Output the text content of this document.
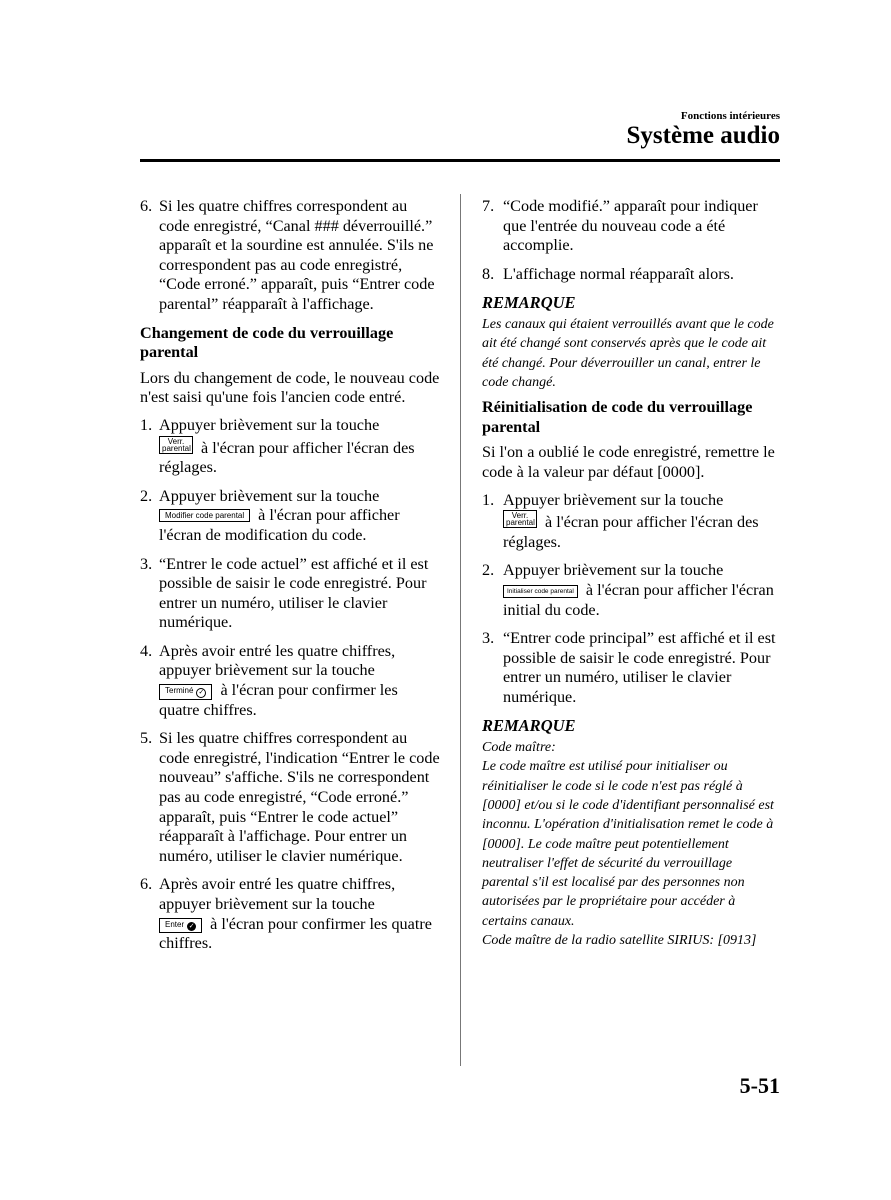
Fonctions intérieures
Système audio
6. Si les quatre chiffres correspondent au code enregistré, “Canal ### déverrouillé.” apparaît et la sourdine est annulée. S'ils ne correspondent pas au code enregistré, “Code erroné.” apparaît, puis “Entrer code parental” réapparaît à l'affichage.

Changement de code du verrouillage parental

Lors du changement de code, le nouveau code n'est saisi qu'une fois l'ancien code entré.

1. Appuyer brièvement sur la touche
Verr.
parental à l'écran pour afficher l'écran des réglages.
2. Appuyer brièvement sur la touche
Modifier code parental à l'écran pour afficher l'écran de modification du code.
3. “Entrer le code actuel” est affiché et il est possible de saisir le code enregistré. Pour entrer un numéro, utiliser le clavier numérique.
4. Après avoir entré les quatre chiffres, appuyer brièvement sur la touche
Terminé ✓ à l'écran pour confirmer les quatre chiffres.
5. Si les quatre chiffres correspondent au code enregistré, l'indication “Entrer le code nouveau” s'affiche. S'ils ne correspondent pas au code enregistré, “Code erroné.” apparaît, puis “Entrer le code actuel” réapparaît à l'affichage. Pour entrer un numéro, utiliser le clavier numérique.
6. Après avoir entré les quatre chiffres, appuyer brièvement sur la touche
Enter ✓ à l'écran pour confirmer les quatre chiffres.
7. “Code modifié.” apparaît pour indiquer que l'entrée du nouveau code a été accomplie.
8. L'affichage normal réapparaît alors.

REMARQUE

Les canaux qui étaient verrouillés avant que le code ait été changé sont conservés après que le code ait été changé. Pour déverrouiller un canal, entrer le code changé.

Réinitialisation de code du verrouillage parental

Si l'on a oublié le code enregistré, remettre le code à la valeur par défaut [0000].

1. Appuyer brièvement sur la touche
Verr.
parental à l'écran pour afficher l'écran des réglages.
2. Appuyer brièvement sur la touche
Initialiser code parental à l'écran pour afficher l'écran initial du code.
3. “Entrer code principal” est affiché et il est possible de saisir le code enregistré. Pour entrer un numéro, utiliser le clavier numérique.

REMARQUE

Code maître:
Le code maître est utilisé pour initialiser ou réinitialiser le code si le code n'est pas réglé à [0000] et/ou si le code d'identifiant personnalisé est inconnu. L'opération d'initialisation remet le code à [0000]. Le code maître peut potentiellement neutraliser l'effet de sécurité du verrouillage parental s'il est localisé par des personnes non autorisées par le propriétaire pour accéder à certains canaux.
Code maître de la radio satellite SIRIUS: [0913]

5-51
